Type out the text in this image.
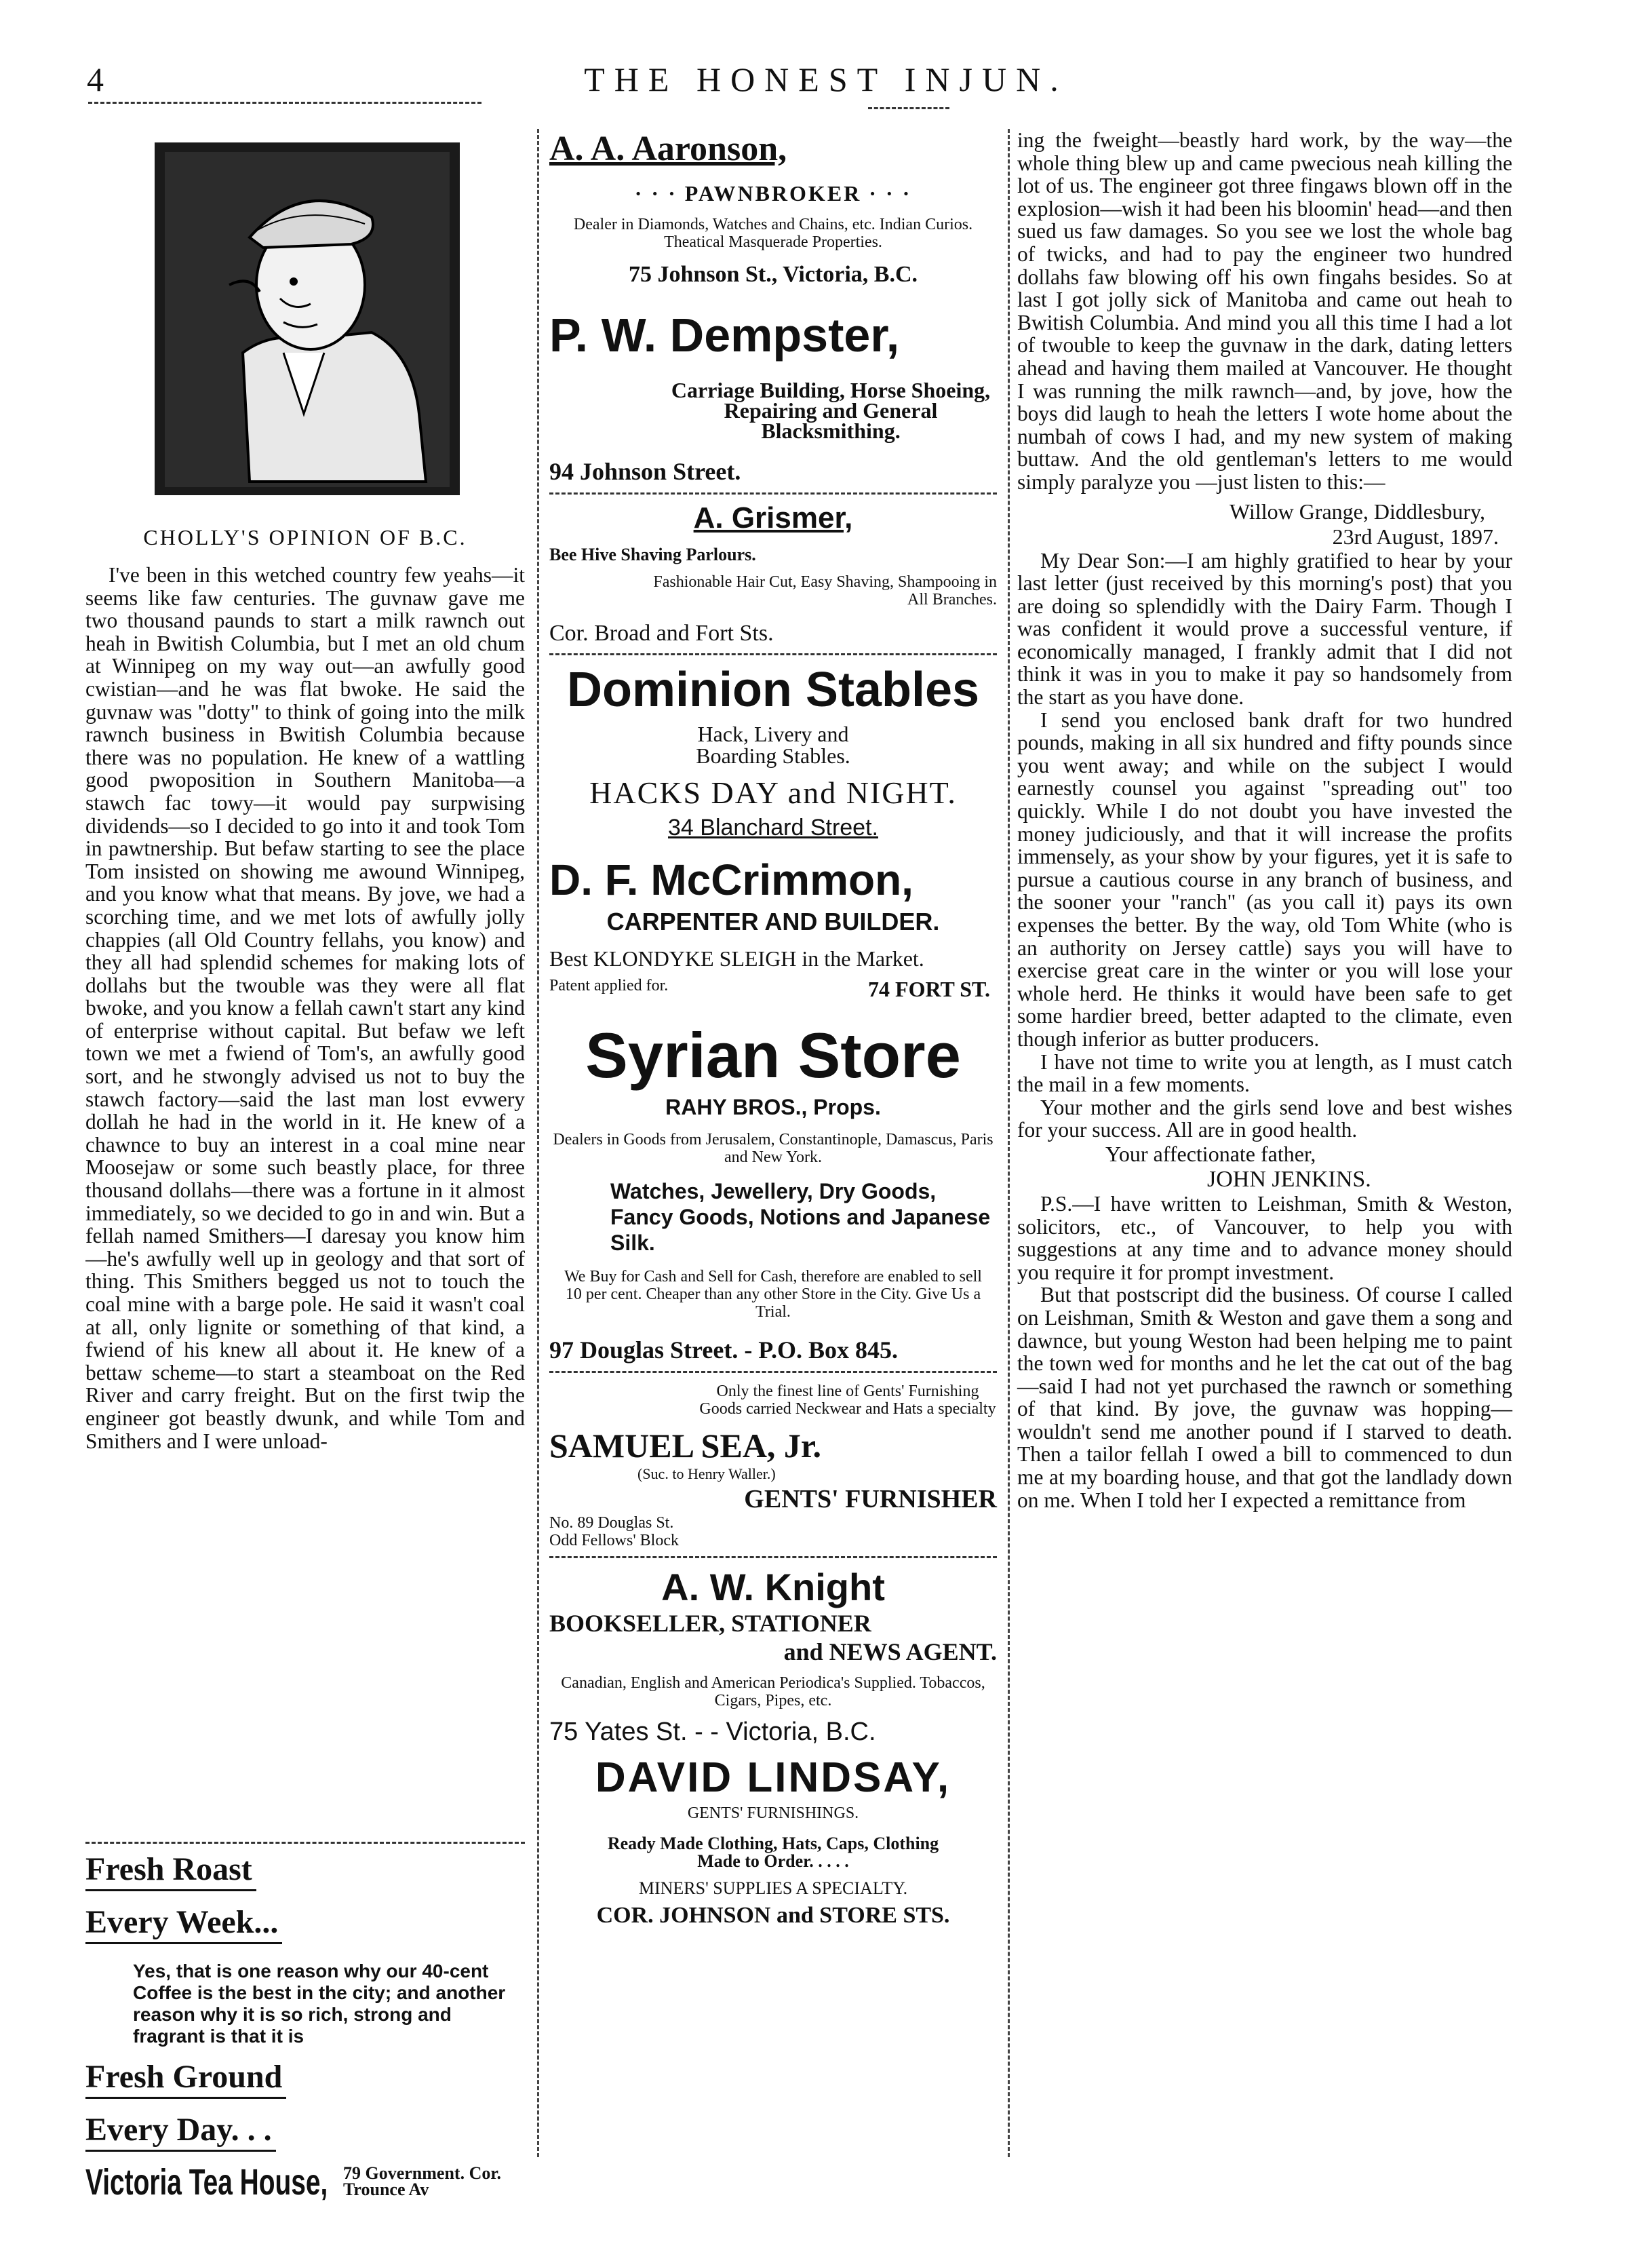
4	THE HONEST INJUN.
CHOLLY'S OPINION OF B.C.

I've been in this wetched country few yeahs—it seems like faw centuries. The guvnaw gave me two thousand paunds to start a milk rawnch out heah in Bwitish Columbia, but I met an old chum at Winnipeg on my way out—an awfully good cwistian—and he was flat bwoke. He said the guvnaw was "dotty" to think of going into the milk rawnch business in Bwitish Columbia because there was no population. He knew of a wattling good pwoposition in Southern Manitoba—a stawch fac towy—it would pay surpwising dividends—so I decided to go into it and took Tom in pawtnership. But befaw starting to see the place Tom insisted on showing me awound Winnipeg, and you know what that means. By jove, we had a scorching time, and we met lots of awfully jolly chappies (all Old Country fellahs, you know) and they all had splendid schemes for making lots of dollahs but the twouble was they were all flat bwoke, and you know a fellah cawn't start any kind of enterprise without capital. But befaw we left town we met a fwiend of Tom's, an awfully good sort, and he stwongly advised us not to buy the stawch factory—said the last man lost evwery dollah he had in the world in it. He knew of a chawnce to buy an interest in a coal mine near Moosejaw or some such beastly place, for three thousand dollahs—there was a fortune in it almost immediately, so we decided to go in and win. But a fellah named Smithers—I daresay you know him—he's awfully well up in geology and that sort of thing. This Smithers begged us not to touch the coal mine with a barge pole. He said it wasn't coal at all, only lignite or something of that kind, a fwiend of his knew all about it. He knew of a bettaw scheme—to start a steamboat on the Red River and carry freight. But on the first twip the engineer got beastly dwunk, and while Tom and Smithers and I were unload-

Fresh Roast
Every Week...
Yes, that is one reason why our 40-cent Coffee is the best in the city; and another reason why it is so rich, strong and fragrant is that it is
Fresh Ground
Every Day. . .
Victoria Tea House, 79 Government. Cor. Trounce Av
A. A. Aaronson,
· · · PAWNBROKER · · ·
Dealer in Diamonds, Watches and Chains, etc. Indian Curios. Theatical Masquerade Properties.
75 Johnson St., Victoria, B.C.
P. W. Dempster,
Carriage Building, Horse Shoeing, Repairing and General Blacksmithing.
94 Johnson Street.
A. Grismer,
Bee Hive Shaving Parlours.
Fashionable Hair Cut, Easy Shaving, Shampooing in All Branches.
Cor. Broad and Fort Sts.
Dominion Stables
Hack, Livery and Boarding Stables.
HACKS DAY and NIGHT.
34 Blanchard Street.
D. F. McCrimmon,
CARPENTER AND BUILDER.
Best KLONDYKE SLEIGH in the Market.
Patent applied for.	74 FORT ST.
Syrian Store
RAHY BROS., Props.
Dealers in Goods from Jerusalem, Constantinople, Damascus, Paris and New York.
Watches, Jewellery, Dry Goods, Fancy Goods, Notions and Japanese Silk.
We Buy for Cash and Sell for Cash, therefore are enabled to sell 10 per cent. Cheaper than any other Store in the City. Give Us a Trial.
97 Douglas Street. - P.O. Box 845.
Only the finest line of Gents' Furnishing Goods carried Neckwear and Hats a specialty
SAMUEL SEA, Jr.
(Suc. to Henry Waller.)
GENTS' FURNISHER
No. 89 Douglas St. Odd Fellows' Block
A. W. Knight
BOOKSELLER, STATIONER
and NEWS AGENT.
Canadian, English and American Periodica's Supplied. Tobaccos, Cigars, Pipes, etc.
75 Yates St. - - Victoria, B.C.
DAVID LINDSAY,
GENTS' FURNISHINGS.
Ready Made Clothing, Hats, Caps, Clothing Made to Order. . . . .
MINERS' SUPPLIES A SPECIALTY.
COR. JOHNSON and STORE STS.

ing the fweight—beastly hard work, by the way—the whole thing blew up and came pwecious neah killing the lot of us. The engineer got three fingaws blown off in the explosion—wish it had been his bloomin' head—and then sued us faw damages. So you see we lost the whole bag of twicks, and had to pay the engineer two hundred dollahs faw blowing off his own fingahs besides. So at last I got jolly sick of Manitoba and came out heah to Bwitish Columbia. And mind you all this time I had a lot of twouble to keep the guvnaw in the dark, dating letters ahead and having them mailed at Vancouver. He thought I was running the milk rawnch—and, by jove, how the boys did laugh to heah the letters I wote home about the numbah of cows I had, and my new system of making buttaw. And the old gentleman's letters to me would simply paralyze you —just listen to this:—

Willow Grange, Diddlesbury,
23rd August, 1897.

My Dear Son:—I am highly gratified to hear by your last letter (just received by this morning's post) that you are doing so splendidly with the Dairy Farm. Though I was confident it would prove a successful venture, if economically managed, I frankly admit that I did not think it was in you to make it pay so handsomely from the start as you have done.

I send you enclosed bank draft for two hundred pounds, making in all six hundred and fifty pounds since you went away; and while on the subject I would earnestly counsel you against "spreading out" too quickly. While I do not doubt you have invested the money judiciously, and that it will increase the profits immensely, as your show by your figures, yet it is safe to pursue a cautious course in any branch of business, and the sooner your "ranch" (as you call it) pays its own expenses the better. By the way, old Tom White (who is an authority on Jersey cattle) says you will have to exercise great care in the winter or you will lose your whole herd. He thinks it would have been safe to get some hardier breed, better adapted to the climate, even though inferior as butter producers.

I have not time to write you at length, as I must catch the mail in a few moments.

Your mother and the girls send love and best wishes for your success. All are in good health.

Your affectionate father,
JOHN JENKINS.

P.S.—I have written to Leishman, Smith & Weston, solicitors, etc., of Vancouver, to help you with suggestions at any time and to advance money should you require it for prompt investment.

But that postscript did the business. Of course I called on Leishman, Smith & Weston and gave them a song and dawnce, but young Weston had been helping me to paint the town wed for months and he let the cat out of the bag—said I had not yet purchased the rawnch or something of that kind. By jove, the guvnaw was hopping—wouldn't send me another pound if I starved to death. Then a tailor fellah I owed a bill to commenced to dun me at my boarding house, and that got the landlady down on me. When I told her I expected a remittance from
